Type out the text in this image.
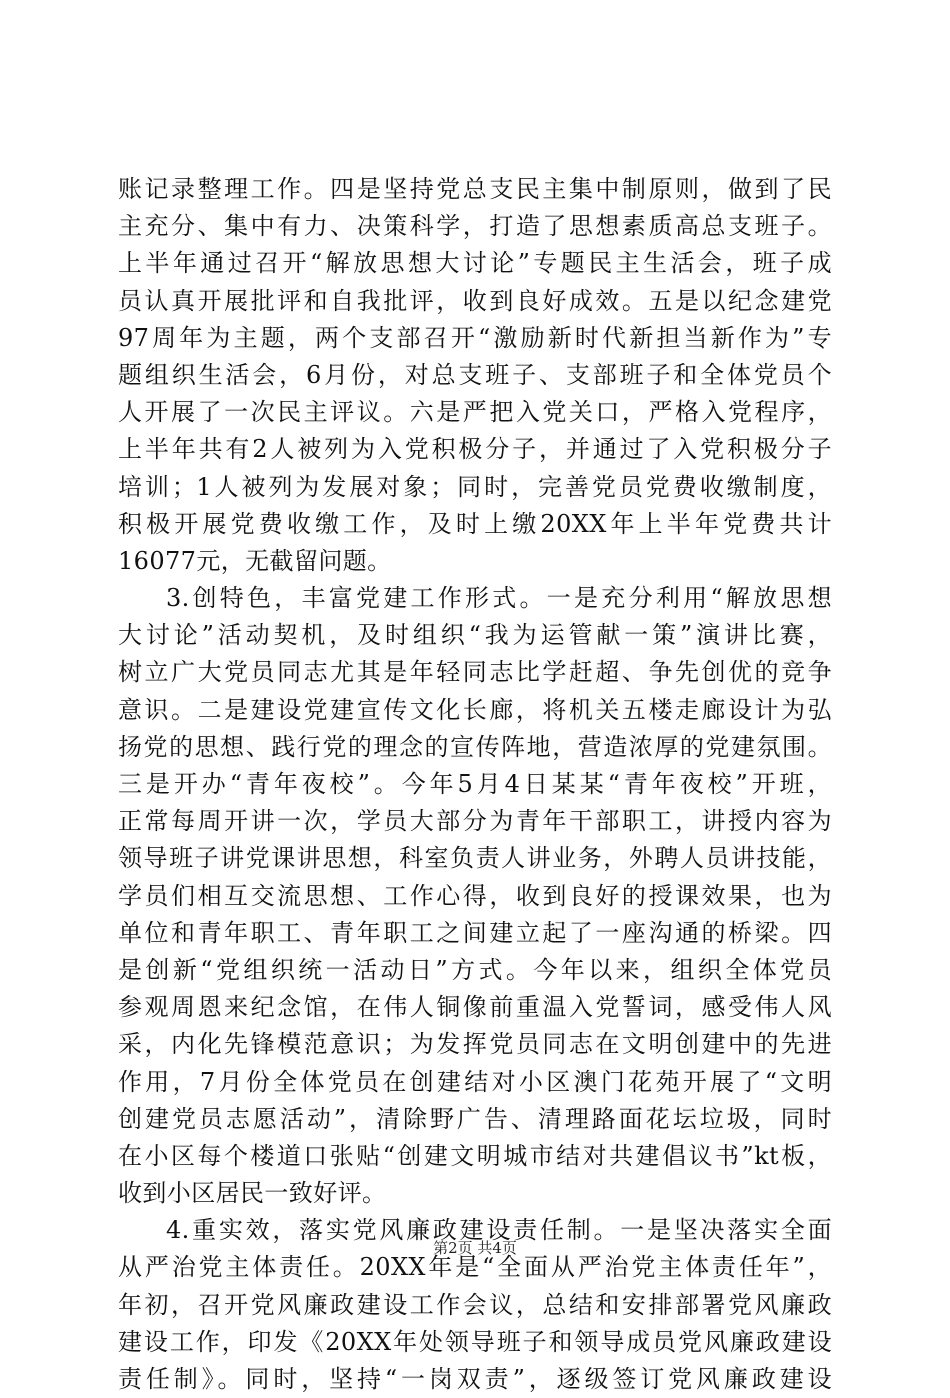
账记录整理工作。四是坚持党总支民主集中制原则，做到了民
主充分、集中有力、决策科学，打造了思想素质高总支班子。
上半年通过召开“解放思想大讨论”专题民主生活会，班子成
员认真开展批评和自我批评，收到良好成效。五是以纪念建党
97周年为主题，两个支部召开“激励新时代新担当新作为”专
题组织生活会，6月份，对总支班子、支部班子和全体党员个
人开展了一次民主评议。六是严把入党关口，严格入党程序，
上半年共有2人被列为入党积极分子，并通过了入党积极分子
培训；1人被列为发展对象；同时，完善党员党费收缴制度，
积极开展党费收缴工作，及时上缴20XX年上半年党费共计
16077元，无截留问题。
3.创特色，丰富党建工作形式。一是充分利用“解放思想
大讨论”活动契机，及时组织“我为运管献一策”演讲比赛，
树立广大党员同志尤其是年轻同志比学赶超、争先创优的竞争
意识。二是建设党建宣传文化长廊，将机关五楼走廊设计为弘
扬党的思想、践行党的理念的宣传阵地，营造浓厚的党建氛围。
三是开办“青年夜校”。今年5月4日某某“青年夜校”开班，
正常每周开讲一次，学员大部分为青年干部职工，讲授内容为
领导班子讲党课讲思想，科室负责人讲业务，外聘人员讲技能，
学员们相互交流思想、工作心得，收到良好的授课效果，也为
单位和青年职工、青年职工之间建立起了一座沟通的桥梁。四
是创新“党组织统一活动日”方式。今年以来，组织全体党员
参观周恩来纪念馆，在伟人铜像前重温入党誓词，感受伟人风
采，内化先锋模范意识；为发挥党员同志在文明创建中的先进
作用，7月份全体党员在创建结对小区澳门花苑开展了“文明
创建党员志愿活动”，清除野广告、清理路面花坛垃圾，同时
在小区每个楼道口张贴“创建文明城市结对共建倡议书”kt板，
收到小区居民一致好评。
4.重实效，落实党风廉政建设责任制。一是坚决落实全面
从严治党主体责任。20XX年是“全面从严治党主体责任年”，
年初，召开党风廉政建设工作会议，总结和安排部署党风廉政
建设工作，印发《20XX年处领导班子和领导成员党风廉政建设
责任制》。同时，坚持“一岗双责”，逐级签订党风廉政建设
第2页 共4页
